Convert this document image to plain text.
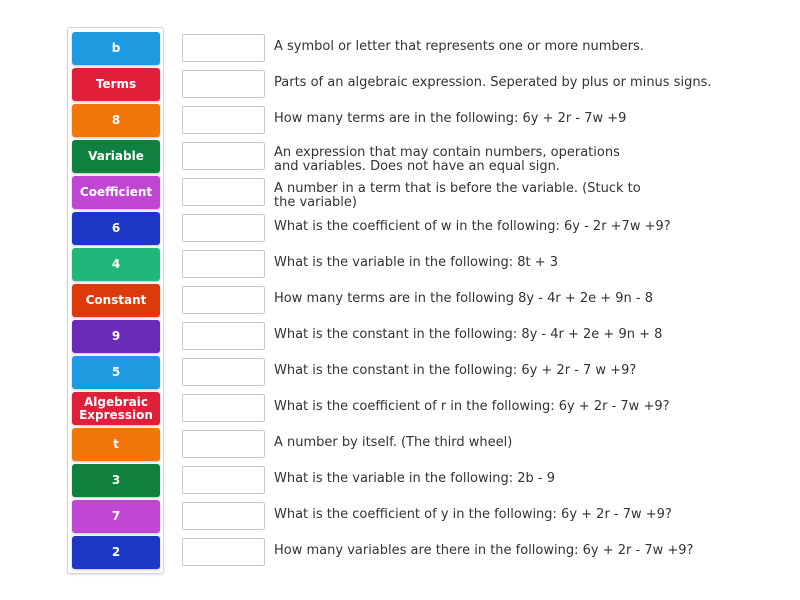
b
Terms
8
Variable
Coefficient
6
4
Constant
9
5
Algebraic Expression
t
3
7
2
A symbol or letter that represents one or more numbers.
Parts of an algebraic expression. Seperated by plus or minus signs.
How many terms are in the following: 6y + 2r - 7w +9
An expression that may contain numbers, operations and variables. Does not have an equal sign.
A number in a term that is before the variable. (Stuck to the variable)
What is the coefficient of w in the following: 6y - 2r +7w +9?
What is the variable in the following: 8t + 3
How many terms are in the following 8y - 4r + 2e + 9n - 8
What is the constant in the following: 8y - 4r + 2e + 9n + 8
What is the constant in the following: 6y + 2r - 7 w +9?
What is the coefficient of r in the following: 6y + 2r - 7w +9?
A number by itself. (The third wheel)
What is the variable in the following: 2b - 9
What is the coefficient of y in the following: 6y + 2r - 7w +9?
How many variables are there in the following: 6y + 2r - 7w +9?
